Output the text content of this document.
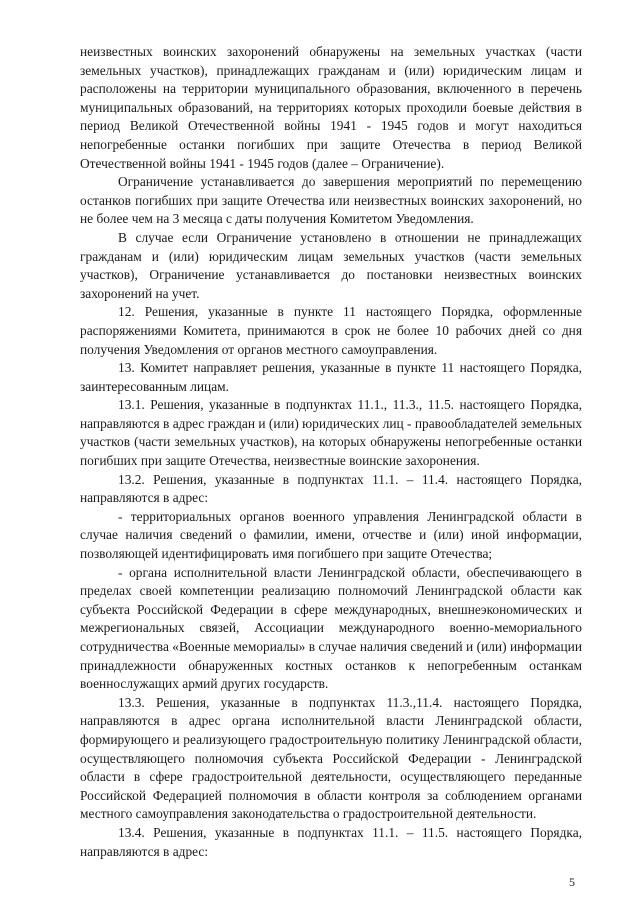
неизвестных воинских захоронений обнаружены на земельных участках (части земельных участков), принадлежащих гражданам и (или) юридическим лицам и расположены на территории муниципального образования, включенного в перечень муниципальных образований, на территориях которых проходили боевые действия в период Великой Отечественной войны 1941 - 1945 годов и могут находиться непогребенные останки погибших при защите Отечества в период Великой Отечественной войны 1941 - 1945 годов (далее – Ограничение).

Ограничение устанавливается до завершения мероприятий по перемещению останков погибших при защите Отечества или неизвестных воинских захоронений, но не более чем на 3 месяца с даты получения Комитетом Уведомления.

В случае если Ограничение установлено в отношении не принадлежащих гражданам и (или) юридическим лицам земельных участков (части земельных участков), Ограничение устанавливается до постановки неизвестных воинских захоронений на учет.

12. Решения, указанные в пункте 11 настоящего Порядка, оформленные распоряжениями Комитета, принимаются в срок не более 10 рабочих дней со дня получения Уведомления от органов местного самоуправления.

13. Комитет направляет решения, указанные в пункте 11 настоящего Порядка, заинтересованным лицам.

13.1. Решения, указанные в подпунктах 11.1., 11.3., 11.5. настоящего Порядка, направляются в адрес граждан и (или) юридических лиц - правообладателей земельных участков (части земельных участков), на которых обнаружены непогребенные останки погибших при защите Отечества, неизвестные воинские захоронения.

13.2. Решения, указанные в подпунктах 11.1. – 11.4. настоящего Порядка, направляются в адрес:

- территориальных органов военного управления Ленинградской области в случае наличия сведений о фамилии, имени, отчестве и (или) иной информации, позволяющей идентифицировать имя погибшего при защите Отечества;

- органа исполнительной власти Ленинградской области, обеспечивающего в пределах своей компетенции реализацию полномочий Ленинградской области как субъекта Российской Федерации в сфере международных, внешнеэкономических и межрегиональных связей, Ассоциации международного военно-мемориального сотрудничества «Военные мемориалы» в случае наличия сведений и (или) информации принадлежности обнаруженных костных останков к непогребенным останкам военнослужащих армий других государств.

13.3. Решения, указанные в подпунктах 11.3.,11.4. настоящего Порядка, направляются в адрес органа исполнительной власти Ленинградской области, формирующего и реализующего градостроительную политику Ленинградской области, осуществляющего полномочия субъекта Российской Федерации - Ленинградской области в сфере градостроительной деятельности, осуществляющего переданные Российской Федерацией полномочия в области контроля за соблюдением органами местного самоуправления законодательства о градостроительной деятельности.

13.4. Решения, указанные в подпунктах 11.1. – 11.5. настоящего Порядка, направляются в адрес:

5
